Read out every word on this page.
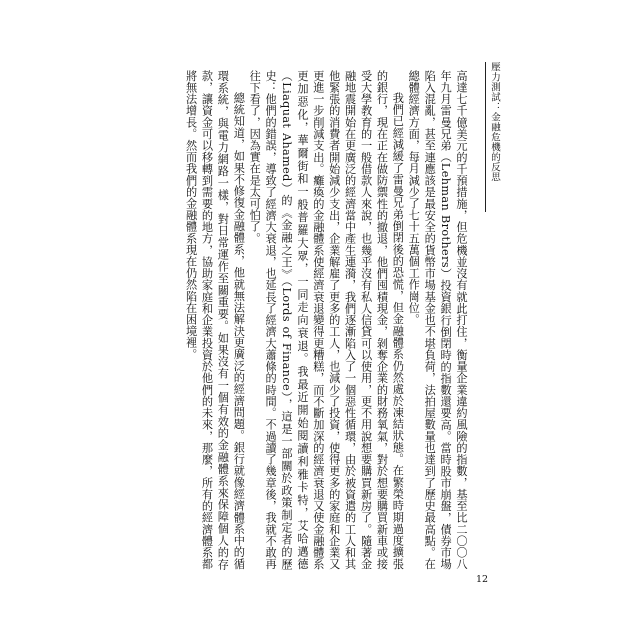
壓力測試：金融危機的反思
12

高達七千億美元的千預措施，但危機並沒有就此打住，衡量企業違約風險的指數，基至比二〇〇八年九月雷曼兄弟（Lehman Brothers）投資銀行倒閉時的指數還要高。當時股市崩盤，債券市場陷入混亂，甚至連應該是最安全的貨幣市場基金也不堪負荷，法拍屋數量也達到了歷史最高點。在總體經濟方面，每月減少了七十五萬個工作崗位。

我們已經減緩了雷曼兄弟倒閉後的恐慌，但金融體系仍然處於凍結狀態。在繁榮時期過度擴張的銀行，現在正在做防禦性的撤退，他們囤積現金，剝奪企業的財務氧氣，對於想要購買新車或接受大學教育的一般借款人來說，也幾乎沒有私人信貸可以使用，更不用說想要購買新房了。隨著金融地震開始在更廣泛的經濟當中產生連漪，我們逐漸陷入了一個惡性循環，由於被資遣的工人和其他緊張的消費者開始減少支出，企業解雇了更多的工人，也減少了投資，使得更多的家庭和企業又更進一步削減支出。癱瘓的金融體系使經濟衰退變得更糟糕，而不斷加深的經濟衰退又使金融體系更加惡化，華爾街和一般普羅大眾，一同走向衰退。我最近開始閱讀利雅卡特，艾哈邁德（Liaquat Ahamed）的《金融之王》（Lords of Finance），這是一部關於政策制定者的歷史：他們的錯誤，導致了經濟大衰退，也延長了經濟大蕭條的時間。不過讀了幾章後，我就不敢再往下看了，因為實在是太可怕了。

總統知道，如果不修復金融體系，他就無法解決更廣泛的經濟問題。銀行就像經濟體系中的循環系統，與電力網路一樣，對日常運作至關重要。如果沒有一個有效的金融體系來保障個人的存款，讓資金可以移轉到需要的地方，協助家庭和企業投資於他們的未來，那麼，所有的經濟體系都將無法增長。然而我們的金融體系現在仍然陷在困境裡。
